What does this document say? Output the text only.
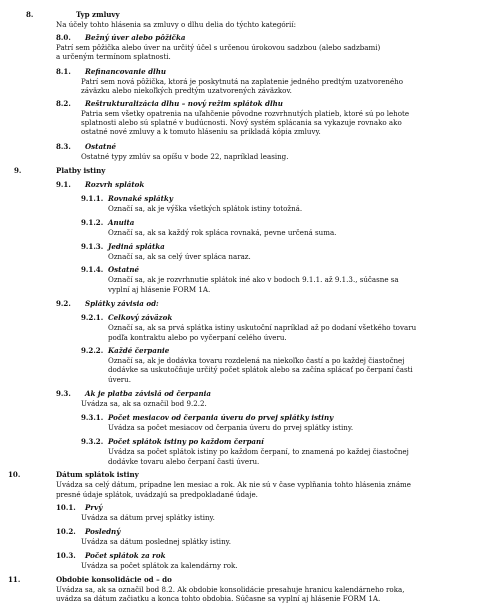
8.	Typ zmluvy
Na účely tohto hlásenia sa zmluvy o dlhu delia do týchto kategórií:
8.0. Bežný úver alebo pôžička
Patrí sem pôžička alebo úver na určitý účel s určenou úrokovou sadzbou (alebo sadzbami)
a určeným termínom splatnosti.
8.1. Refinancovanie dlhu
Patrí sem nová pôžička, ktorá je poskytnutá na zaplatenie jedného predtým uzatvoreného
záväzku alebo niekoľkých predtým uzatvorených záväzkov.
8.2. Reštrukturalizácia dlhu – nový režim splátok dlhu
Patria sem všetky opatrenia na uľahčenie pôvodne rozvrhnutých platieb, ktoré sú po lehote
splatnosti alebo sú splatné v budúcnosti. Nový systém splácania sa vykazuje rovnako ako
ostatné nové zmluvy a k tomuto hláseniu sa prikladá kópia zmluvy.
8.3. Ostatné
Ostatné typy zmlúv sa opíšu v bode 22, napríklad leasing.
9.	Platby istiny
9.1. Rozvrh splátok
9.1.1. Rovnaké splátky
Označí sa, ak je výška všetkých splátok istiny totožná.
9.1.2. Anuita
Označí sa, ak sa každý rok spláca rovnaká, pevne určená suma.
9.1.3. Jediná splátka
Označí sa, ak sa celý úver splácа naraz.
9.1.4. Ostatné
Označí sa, ak je rozvrhnutie splátok iné ako v bodoch 9.1.1. až 9.1.3., súčasne sa
vyplní aj hlásenie FORM 1A.
9.2. Splátky závisia od:
9.2.1. Celkový záväzok
Označí sa, ak sa prvá splátka istiny uskutoční napríklad až po dodaní všetkého tovaru
podľa kontraktu alebo po vyčerpaní celého úveru.
9.2.2. Každé čerpanie
Označí sa, ak je dodávka tovaru rozdelená na niekoľko častí a po každej čiastočnej
dodávke sa uskutočňuje určitý počet splátok alebo sa začína splácať po čerpaní časti
úveru.
9.3. Ak je platba závislá od čerpania
Uvádza sa, ak sa označil bod 9.2.2.
9.3.1. Počet mesiacov od čerpania úveru do prvej splátky istiny
Uvádza sa počet mesiacov od čerpania úveru do prvej splátky istiny.
9.3.2. Počet splátok istiny po každom čerpaní
Uvádza sa počet splátok istiny po každom čerpaní, to znamená po každej čiastočnej
dodávke tovaru alebo čerpaní časti úveru.
10.	Dátum splátok istiny
Uvádza sa celý dátum, prípadne len mesiac a rok. Ak nie sú v čase vyplňania tohto hlásenia známe
presné údaje splátok, uvádzajú sa predpokladané údaje.
10.1. Prvý
Uvádza sa dátum prvej splátky istiny.
10.2. Posledný
Uvádza sa dátum poslednej splátky istiny.
10.3. Počet splátok za rok
Uvádza sa počet splátok za kalendárny rok.
11.	Obdobie konsolidácie od – do
Uvádza sa, ak sa označil bod 8.2. Ak obdobie konsolidácie presahuje hranicu kalendárneho roka,
uvádza sa dátum začiatku a konca tohto obdobia. Súčasne sa vyplní aj hlásenie FORM 1A.
